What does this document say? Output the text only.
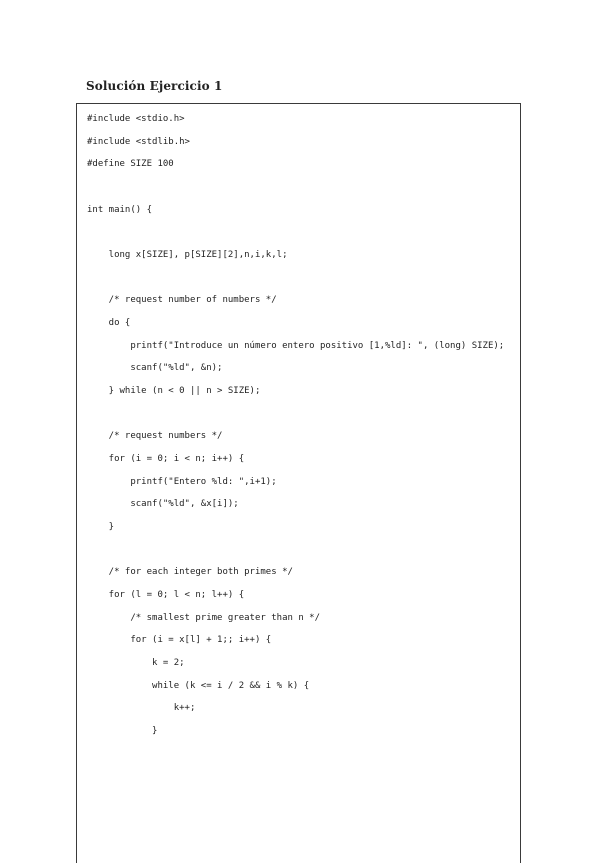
Solución Ejercicio 1
#include <stdio.h>
#include <stdlib.h>
#define SIZE 100
int main() {
long x[SIZE], p[SIZE][2],n,i,k,l;
/* request number of numbers */
do {
printf("Introduce un número entero positivo [1,%ld]: ", (long) SIZE);
scanf("%ld", &n);
} while (n < 0 || n > SIZE);
/* request numbers */
for (i = 0; i < n; i++) {
printf("Entero %ld: ",i+1);
scanf("%ld", &x[i]);
}
/* for each integer both primes */
for (l = 0; l < n; l++) {
/* smallest prime greater than n */
for (i = x[l] + 1;; i++) {
k = 2;
while (k <= i / 2 && i % k) {
k++;
}
